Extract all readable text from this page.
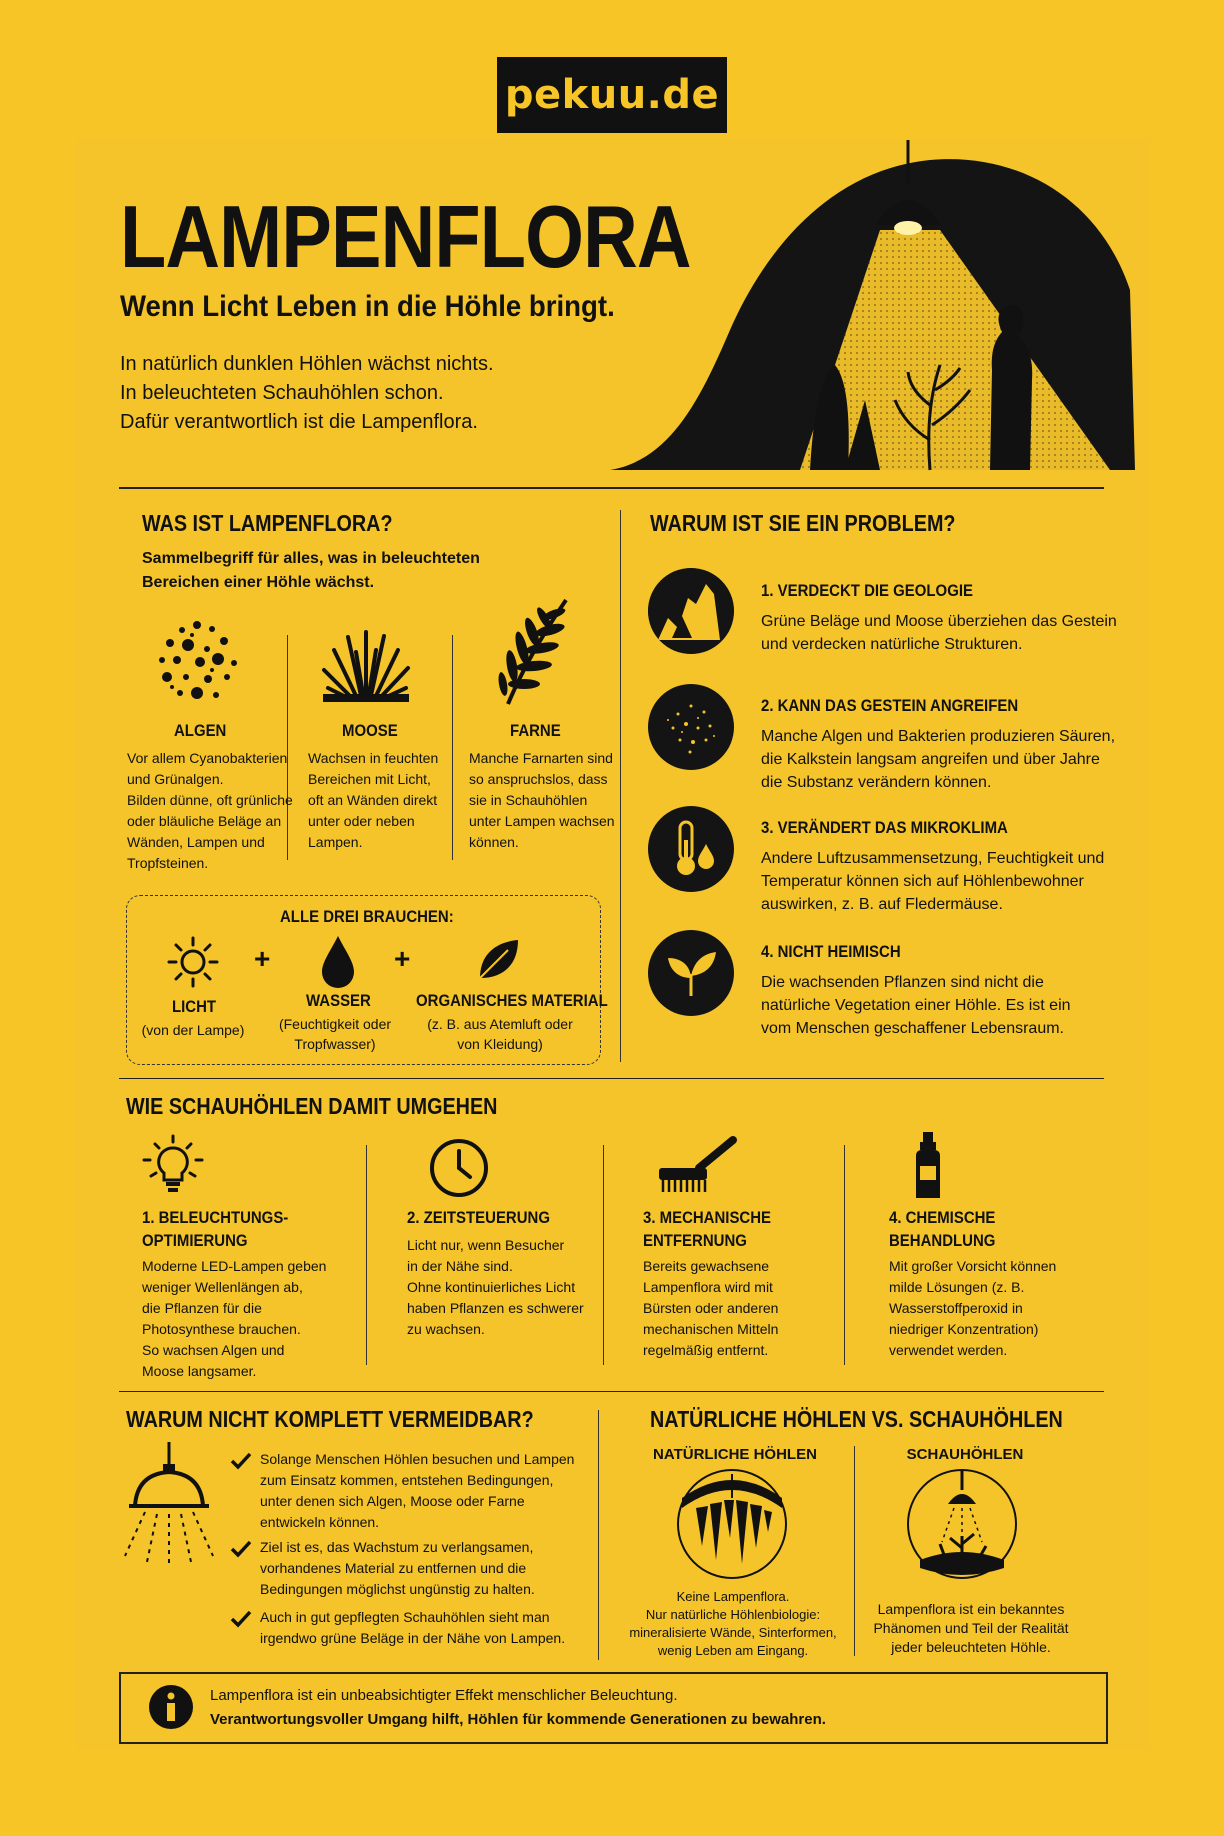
pekuu.de
LAMPENFLORA
Wenn Licht Leben in die Höhle bringt.
In natürlich dunklen Höhlen wächst nichts.
In beleuchteten Schauhöhlen schon.
Dafür verantwortlich ist die Lampenflora.
WAS IST LAMPENFLORA?
Sammelbegriff für alles, was in beleuchteten
Bereichen einer Höhle wächst.
ALGEN
Vor allem Cyanobakterien
und Grünalgen.
Bilden dünne, oft grünliche
oder bläuliche Beläge an
Wänden, Lampen und
Tropfsteinen.
MOOSE
Wachsen in feuchten
Bereichen mit Licht,
oft an Wänden direkt
unter oder neben
Lampen.
FARNE
Manche Farnarten sind
so anspruchslos, dass
sie in Schauhöhlen
unter Lampen wachsen
können.
ALLE DREI BRAUCHEN:
+	+
LICHT
(von der Lampe)
WASSER
(Feuchtigkeit oder
Tropfwasser)
ORGANISCHES MATERIAL
(z. B. aus Atemluft oder
von Kleidung)
WARUM IST SIE EIN PROBLEM?
1. VERDECKT DIE GEOLOGIE
Grüne Beläge und Moose überziehen das Gestein
und verdecken natürliche Strukturen.
2. KANN DAS GESTEIN ANGREIFEN
Manche Algen und Bakterien produzieren Säuren,
die Kalkstein langsam angreifen und über Jahre
die Substanz verändern können.
3. VERÄNDERT DAS MIKROKLIMA
Andere Luftzusammensetzung, Feuchtigkeit und
Temperatur können sich auf Höhlenbewohner
auswirken, z. B. auf Fledermäuse.
4. NICHT HEIMISCH
Die wachsenden Pflanzen sind nicht die
natürliche Vegetation einer Höhle. Es ist ein
vom Menschen geschaffener Lebensraum.
WIE SCHAUHÖHLEN DAMIT UMGEHEN
1. BELEUCHTUNGS-
OPTIMIERUNG
Moderne LED-Lampen geben
weniger Wellenlängen ab,
die Pflanzen für die
Photosynthese brauchen.
So wachsen Algen und
Moose langsamer.
2. ZEITSTEUERUNG
Licht nur, wenn Besucher
in der Nähe sind.
Ohne kontinuierliches Licht
haben Pflanzen es schwerer
zu wachsen.
3. MECHANISCHE
ENTFERNUNG
Bereits gewachsene
Lampenflora wird mit
Bürsten oder anderen
mechanischen Mitteln
regelmäßig entfernt.
4. CHEMISCHE
BEHANDLUNG
Mit großer Vorsicht können
milde Lösungen (z. B.
Wasserstoffperoxid in
niedriger Konzentration)
verwendet werden.
WARUM NICHT KOMPLETT VERMEIDBAR?
Solange Menschen Höhlen besuchen und Lampen
zum Einsatz kommen, entstehen Bedingungen,
unter denen sich Algen, Moose oder Farne
entwickeln können.
Ziel ist es, das Wachstum zu verlangsamen,
vorhandenes Material zu entfernen und die
Bedingungen möglichst ungünstig zu halten.
Auch in gut gepflegten Schauhöhlen sieht man
irgendwo grüne Beläge in der Nähe von Lampen.
NATÜRLICHE HÖHLEN VS. SCHAUHÖHLEN
NATÜRLICHE HÖHLEN	SCHAUHÖHLEN
Keine Lampenflora.
Nur natürliche Höhlenbiologie:
mineralisierte Wände, Sinterformen,
wenig Leben am Eingang.
Lampenflora ist ein bekanntes
Phänomen und Teil der Realität
jeder beleuchteten Höhle.
Lampenflora ist ein unbeabsichtigter Effekt menschlicher Beleuchtung.
Verantwortungsvoller Umgang hilft, Höhlen für kommende Generationen zu bewahren.
